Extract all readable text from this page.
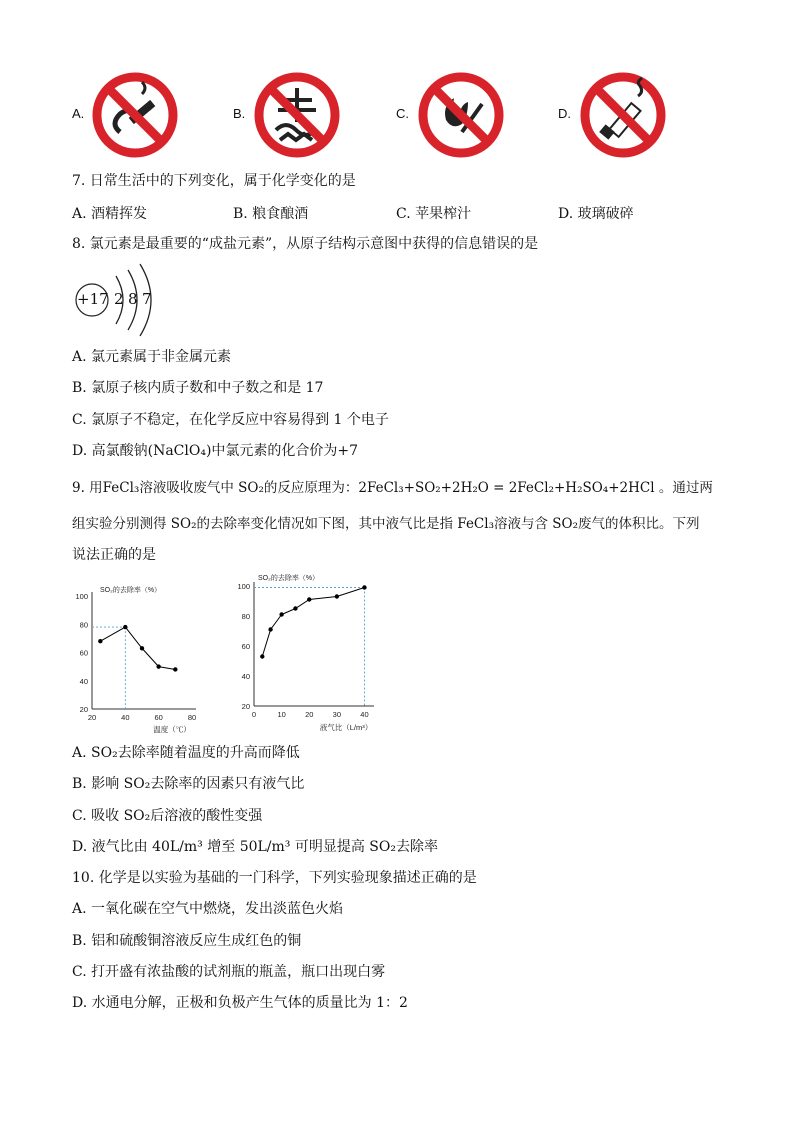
A.	B.	C.	D.
7. 日常生活中的下列变化，属于化学变化的是
A. 酒精挥发	B. 粮食酿酒	C. 苹果榨汁	D. 玻璃破碎
8. 氯元素是最重要的“成盐元素”，从原子结构示意图中获得的信息错误的是
+17 2 8 7
A. 氯元素属于非金属元素
B. 氯原子核内质子数和中子数之和是 17
C. 氯原子不稳定，在化学反应中容易得到 1 个电子
D. 高氯酸钠(NaClO₄)中氯元素的化合价为+7
9. 用FeCl₃溶液吸收废气中 SO₂的反应原理为：2FeCl₃+SO₂+2H₂O = 2FeCl₂+H₂SO₄+2HCl 。通过两
组实验分别测得 SO₂的去除率变化情况如下图，其中液气比是指 FeCl₃溶液与含 SO₂废气的体积比。下列
说法正确的是
SO₂的去除率（%）
20
40
60
80
100
20	40	60	80
温度（℃）
SO₂的去除率（%）
20
40
60
80
100
0	10	20	30	40
液气比（L/m³）
A. SO₂去除率随着温度的升高而降低
B. 影响 SO₂去除率的因素只有液气比
C. 吸收 SO₂后溶液的酸性变强
D. 液气比由 40L/m³ 增至 50L/m³ 可明显提高 SO₂去除率
10. 化学是以实验为基础的一门科学，下列实验现象描述正确的是
A. 一氧化碳在空气中燃烧，发出淡蓝色火焰
B. 铝和硫酸铜溶液反应生成红色的铜
C. 打开盛有浓盐酸的试剂瓶的瓶盖，瓶口出现白雾
D. 水通电分解，正极和负极产生气体的质量比为 1：2
